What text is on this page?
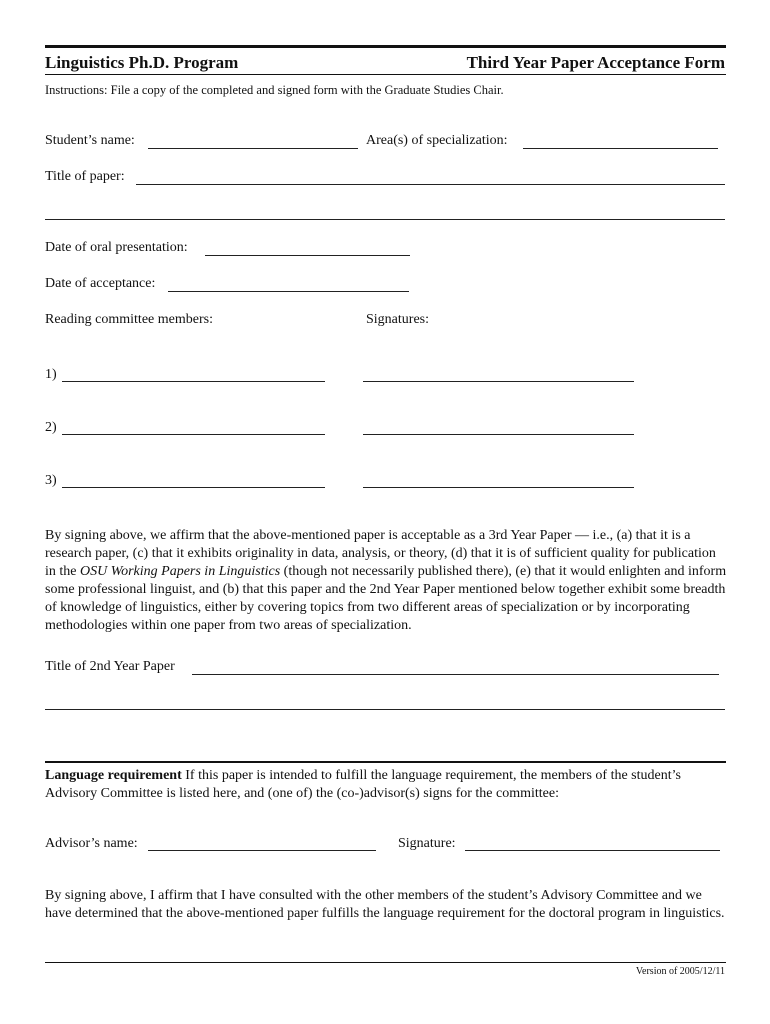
Linguistics Ph.D. Program	Third Year Paper Acceptance Form
Instructions: File a copy of the completed and signed form with the Graduate Studies Chair.
Student’s name:	Area(s) of specialization:
Title of paper:
Date of oral presentation:
Date of acceptance:
Reading committee members:	Signatures:
1)
2)
3)
By signing above, we affirm that the above-mentioned paper is acceptable as a 3rd Year Paper — i.e., (a) that it is a research paper, (c) that it exhibits originality in data, analysis, or theory, (d) that it is of sufficient quality for publication in the OSU Working Papers in Linguistics (though not necessarily published there), (e) that it would enlighten and inform some professional linguist, and (b) that this paper and the 2nd Year Paper mentioned below together exhibit some breadth of knowledge of linguistics, either by covering topics from two different areas of specialization or by incorporating methodologies within one paper from two areas of specialization.
Title of 2nd Year Paper
Language requirement If this paper is intended to fulfill the language requirement, the members of the student’s Advisory Committee is listed here, and (one of) the (co-)advisor(s) signs for the committee:
Advisor’s name:	Signature:
By signing above, I affirm that I have consulted with the other members of the student’s Advisory Committee and we have determined that the above-mentioned paper fulfills the language requirement for the doctoral program in linguistics.
Version of 2005/12/11
